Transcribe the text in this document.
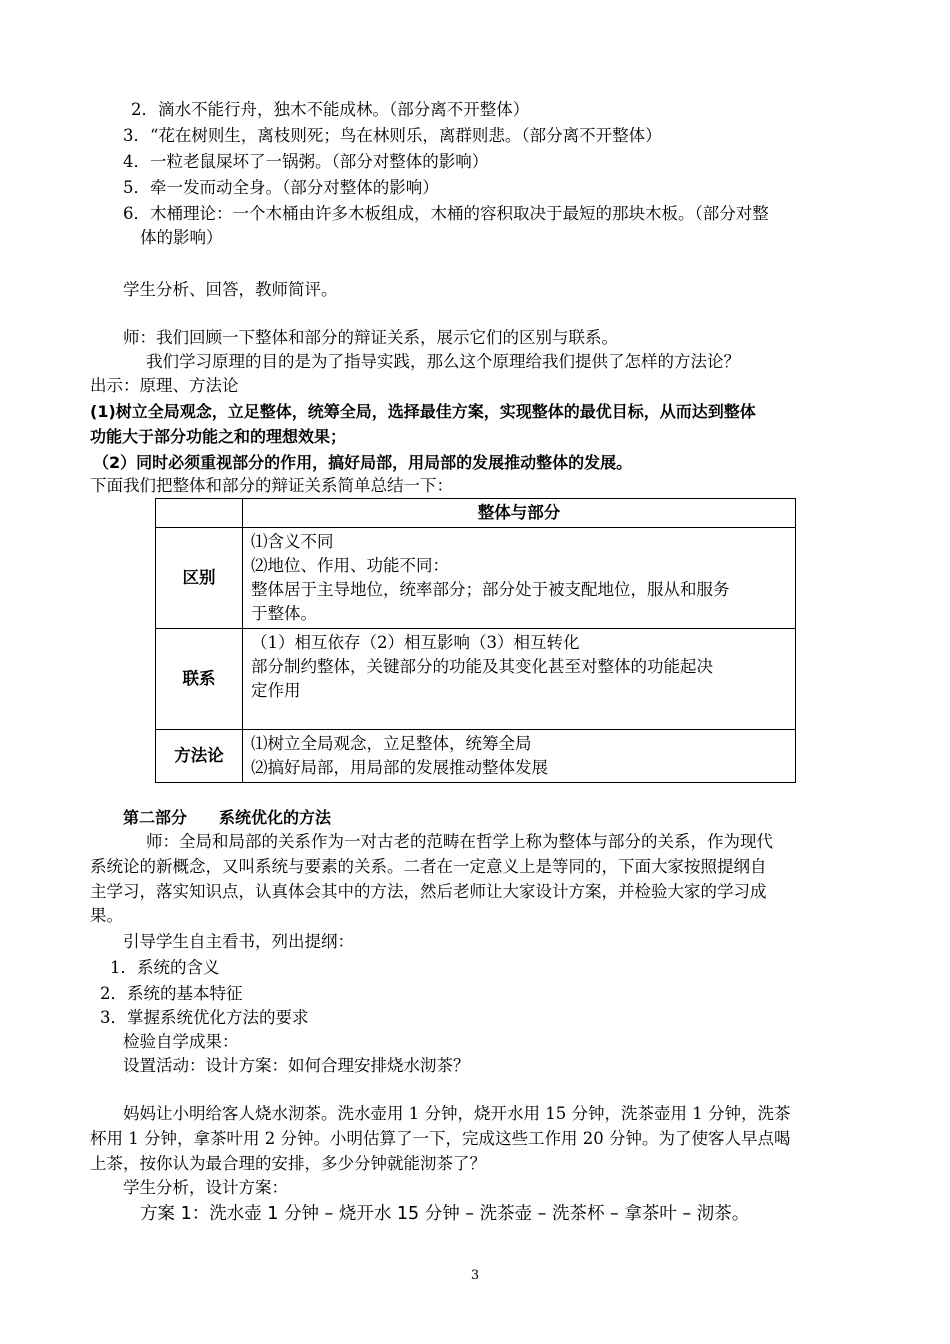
2．滴水不能行舟，独木不能成林。（部分离不开整体）
3．“花在树则生，离枝则死；鸟在林则乐，离群则悲。（部分离不开整体）
4．一粒老鼠屎坏了一锅粥。（部分对整体的影响）
5．牵一发而动全身。（部分对整体的影响）
6．木桶理论：一个木桶由许多木板组成，木桶的容积取决于最短的那块木板。（部分对整
体的影响）
学生分析、回答，教师简评。
师：我们回顾一下整体和部分的辩证关系，展示它们的区别与联系。
我们学习原理的目的是为了指导实践，那么这个原理给我们提供了怎样的方法论？
出示：原理、方法论
(1)树立全局观念，立足整体，统筹全局，选择最佳方案，实现整体的最优目标，从而达到整体
功能大于部分功能之和的理想效果；
（2）同时必须重视部分的作用，搞好局部，用局部的发展推动整体的发展。
下面我们把整体和部分的辩证关系简单总结一下：
	整体与部分
区别	⑴含义不同
⑵地位、作用、功能不同：
整体居于主导地位，统率部分；部分处于被支配地位，服从和服务
于整体。

联系	（1）相互依存（2）相互影响（3）相互转化
部分制约整体，关键部分的功能及其变化甚至对整体的功能起决
定作用

方法论	⑴树立全局观念，立足整体，统筹全局
⑵搞好局部，用局部的发展推动整体发展
第二部分　　系统优化的方法
师：全局和局部的关系作为一对古老的范畴在哲学上称为整体与部分的关系，作为现代
系统论的新概念，又叫系统与要素的关系。二者在一定意义上是等同的，下面大家按照提纲自
主学习，落实知识点，认真体会其中的方法，然后老师让大家设计方案，并检验大家的学习成
果。
引导学生自主看书，列出提纲：
1．系统的含义
2．系统的基本特征
3．掌握系统优化方法的要求
检验自学成果：
设置活动：设计方案：如何合理安排烧水沏茶？
妈妈让小明给客人烧水沏茶。洗水壶用 1 分钟，烧开水用 15 分钟，洗茶壶用 1 分钟，洗茶
杯用 1 分钟，拿茶叶用 2 分钟。小明估算了一下，完成这些工作用 20 分钟。为了使客人早点喝
上茶，按你认为最合理的安排，多少分钟就能沏茶了？
学生分析，设计方案：
方案 1：洗水壶 1 分钟 – 烧开水 15 分钟 – 洗茶壶 – 洗茶杯 – 拿茶叶 – 沏茶。
3
